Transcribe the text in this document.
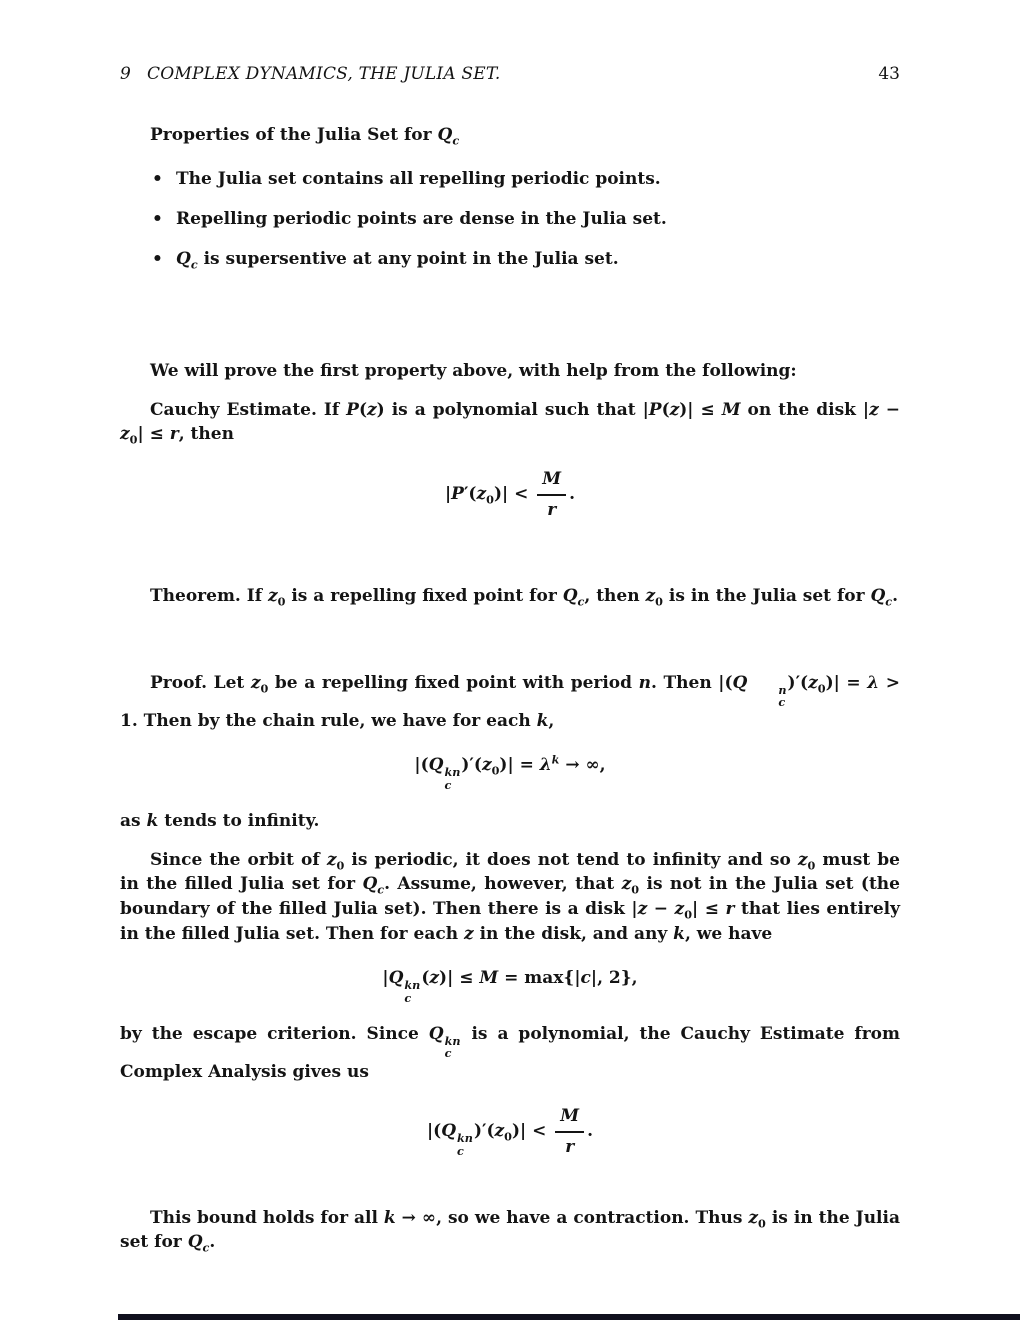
9 COMPLEX DYNAMICS, THE JULIA SET.	43

Properties of the Julia Set for $Q_c$

• The Julia set contains all repelling periodic points.
• Repelling periodic points are dense in the Julia set.
• $Q_c$ is supersentive at any point in the Julia set.

We will prove the first property above, with help from the following:

Cauchy Estimate. If P(z) is a polynomial such that |P(z)| ≤ M on the disk $|z - z_0| \le r$, then

$|P'(z_0)| < \frac{M}{r}$ .

Theorem. If $z_0$ is a repelling fixed point for $Q_c$, then $z_0$ is in the Julia set for $Q_c$.

Proof. Let $z_0$ be a repelling fixed point with period n. Then |(Q	n
c
)$'(z_0)| = \lambda > 1$. Then by the chain rule, we have for each k,

|(Q kn
c
)$'(z_0)| = \lambda^k$ → ∞,

as k tends to infinity.

Since the orbit of $z_0$ is periodic, it does not tend to infinity and so $z_0$ must be in the filled Julia set for $Q_c$. Assume, however, that $z_0$ is not in the Julia set (the boundary of the filled Julia set). Then there is a disk $|z - z_0| \le r$ that lies entirely in the filled Julia set. Then for each z in the disk, and any k, we have

|Q kn
c
(z)| ≤ M = max{|c|, 2},

by the escape criterion. Since Q kn
c
is a polynomial, the Cauchy Estimate from Complex Analysis gives us

|(Q kn
c
)$'(z_0)| < \frac{M}{r}$ .

This bound holds for all k → ∞, so we have a contraction. Thus $z_0$ is in the Julia set for $Q_c$.
